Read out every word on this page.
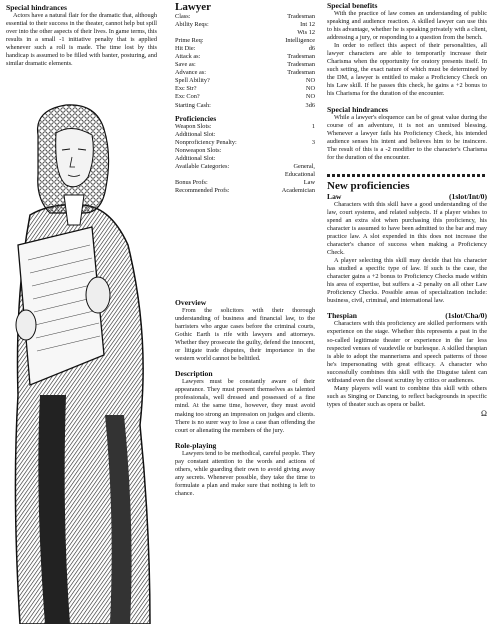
Special hindrances

Actors have a natural flair for the dramatic that, although essential to their success in the theater, cannot help but spill over into the other aspects of their lives. In game terms, this results in a small -1 initiative penalty that is applied whenever such a roll is made. The time lost by this handicap is assumed to be filled with banter, posturing, and similar dramatic elements.

Lawyer
Class:	Tradesman
Ability Reqs:	Int 12
	Wis 12
Prime Req:	Intelligence
Hit Die:	d6
Attack as:	Tradesman
Save as:	Tradesman
Advance as:	Tradesman
Spell Ability?	NO
Exc Str?	NO
Exc Con?	NO
Starting Cash:	3d6
Proficiencies
Weapon Slots:	1
Additional Slot:	
Nonproficiency Penalty:	3
Nonweapon Slots:	
Additional Slot:	
Available Categories:	General,
	Educational
Bonus Profs:	Law
Recommended Profs:	Academician
Overview

From the solicitors with their thorough understanding of business and financial law, to the barristers who argue cases before the criminal courts, Gothic Earth is rife with lawyers and attorneys. Whether they prosecute the guilty, defend the innocent, or litigate trade disputes, their importance in the western world cannot be belittled.

Description

Lawyers must be constantly aware of their appearance. They must present themselves as talented professionals, well dressed and possessed of a fine mind. At the same time, however, they must avoid making too strong an impression on judges and clients. There is no surer way to lose a case than offending the court or alienating the members of the jury.

Role-playing

Lawyers tend to be methodical, careful people. They pay constant attention to the words and actions of others, while guarding their own to avoid giving away any secrets. Whenever possible, they take the time to formulate a plan and make sure that nothing is left to chance.

Special benefits

With the practice of law comes an understanding of public speaking and audience reaction. A skilled lawyer can use this to his advantage, whether he is speaking privately with a client, addressing a jury, or responding to a question from the bench.

In order to reflect this aspect of their personalities, all lawyer characters are able to temporarily increase their Charisma when the opportunity for oratory presents itself. In such setting, the exact nature of which must be determined by the DM, a lawyer is entitled to make a Proficiency Check on his Law skill. If he passes this check, he gains a +2 bonus to his Charisma for the duration of the encounter.

Special hindrances

While a lawyer's eloquence can be of great value during the course of an adventure, it is not an unmixed blessing. Whenever a lawyer fails his Proficiency Check, his intended audience senses his intent and believes him to be insincere. The result of this is a -2 modifier to the character's Charisma for the duration of the encounter.

New proficiencies
Law	(1slot/Int/0)

Characters with this skill have a good understanding of the law, court systems, and related subjects. If a player wishes to spend an extra slot when purchasing this proficiency, his character is assumed to have been admitted to the bar and may practice law. A slot expended in this does not increase the character's chance of success when making a Proficiency Check.

A player selecting this skill may decide that his character has studied a specific type of law. If such is the case, the character gains a +2 bonus to Proficiency Checks made within his area of expertise, but suffers a -2 penalty on all other Law Proficiency Checks. Possible areas of specialization include: business, civil, criminal, and international law.

Thespian	(1slot/Cha/0)

Characters with this proficiency are skilled performers with experience on the stage. Whether this represents a past in the so-called legitimate theater or experience in the far less respected venues of vaudeville or burlesque. A skilled thespian is able to adopt the mannerisms and speech patterns of those he's impersonating with great efficacy. A character who successfully combines this skill with the Disguise talent can withstand even the closest scrutiny by critics or audiences.

Many players will want to combine this skill with others such as Singing or Dancing, to reflect backgrounds in specific types of theater such as opera or ballet.

Ω
